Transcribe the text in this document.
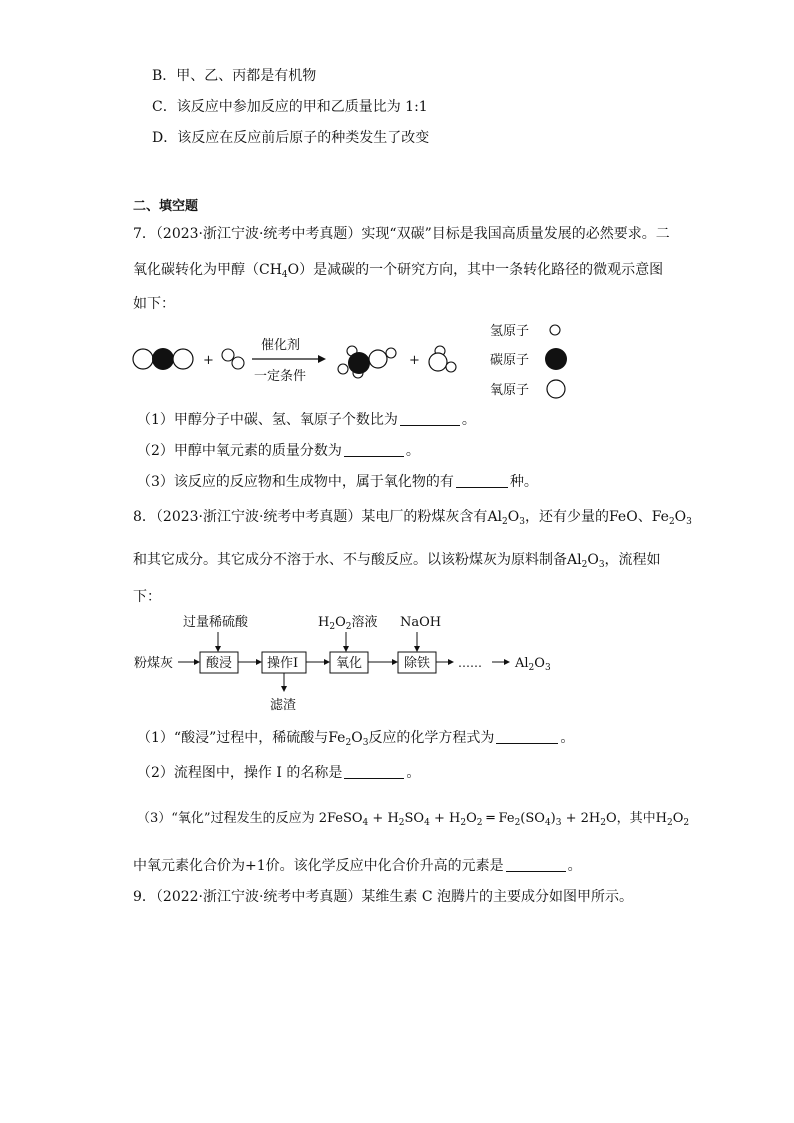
B．甲、乙、丙都是有机物
C．该反应中参加反应的甲和乙质量比为 1:1
D．该反应在反应前后原子的种类发生了改变
二、填空题
7．（2023·浙江宁波·统考中考真题）实现“双碳”目标是我国高质量发展的必然要求。二
氧化碳转化为甲醇$(CH_4O)$是减碳的一个研究方向，其中一条转化路径的微观示意图
如下：
+
催化剂
一定条件
+
氢原子
碳原子
氧原子
（1）甲醇分子中碳、氢、氧原子个数比为	。
（2）甲醇中氧元素的质量分数为	。
（3）该反应的反应物和生成物中，属于氧化物的有	种。
8．（2023·浙江宁波·统考中考真题）某电厂的粉煤灰含有$Al_2O_3$，还有少量的FeO、$Fe_2O_3$
和其它成分。其它成分不溶于水、不与酸反应。以该粉煤灰为原料制备$Al_2O_3$，流程如
下：
过量稀硫酸	$H_2O_2$溶液 NaOH
粉煤灰	酸浸	操作Ⅰ
滤渣
氧化	除铁 ……	$Al_2O_3$
（1）“酸浸”过程中，稀硫酸与$Fe_2O_3$反应的化学方程式为	。
（2）流程图中，操作 I 的名称是	。
（3）“氧化”过程发生的反应为 2FeSO$_4$ + $H_2SO_4 + H_2O_2$ ═ $Fe_2(SO_4)_3 + 2H_2O$，其中$H_2O_2$
中氧元素化合价为+1价。该化学反应中化合价升高的元素是	。
9．（2022·浙江宁波·统考中考真题）某维生素 C 泡腾片的主要成分如图甲所示。
